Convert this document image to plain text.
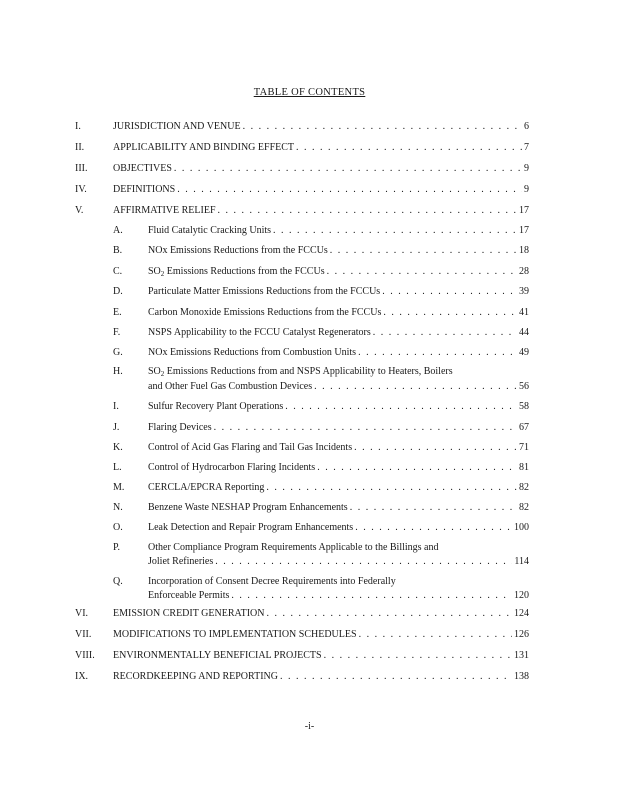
TABLE OF CONTENTS
I.	JURISDICTION AND VENUE . . .	6
II.	APPLICABILITY AND BINDING EFFECT . . .	7
III.	OBJECTIVES . . .	9
IV.	DEFINITIONS . . .	9
V.	AFFIRMATIVE RELIEF . . .	17
A.	Fluid Catalytic Cracking Units . . .	17
B.	NOx Emissions Reductions from the FCCUs . . .	18
C.	SO2 Emissions Reductions from the FCCUs . . .	28
D.	Particulate Matter Emissions Reductions from the FCCUs . . .	39
E.	Carbon Monoxide Emissions Reductions from the FCCUs . . .	41
F.	NSPS Applicability to the FCCU Catalyst Regenerators . . .	44
G.	NOx Emissions Reductions from Combustion Units . . .	49
H.	SO2 Emissions Reductions from and NSPS Applicability to Heaters, Boilers
and Other Fuel Gas Combustion Devices . . .	56
I.	Sulfur Recovery Plant Operations . . .	58
J.	Flaring Devices . . .	67
K.	Control of Acid Gas Flaring and Tail Gas Incidents . . .	71
L.	Control of Hydrocarbon Flaring Incidents . . .	81
M. CERCLA/EPCRA Reporting . . .	82
N.	Benzene Waste NESHAP Program Enhancements . . .	82
O.	Leak Detection and Repair Program Enhancements . . .	100
P.	Other Compliance Program Requirements Applicable to the Billings and
Joliet Refineries . . .	114
Q.	Incorporation of Consent Decree Requirements into Federally
Enforceable Permits . . .	120
VI. EMISSION CREDIT GENERATION . . .	124
VII. MODIFICATIONS TO IMPLEMENTATION SCHEDULES . . .	126
VIII. ENVIRONMENTALLY BENEFICIAL PROJECTS . . .	131
IX. RECORDKEEPING AND REPORTING . . .	138
-i-
